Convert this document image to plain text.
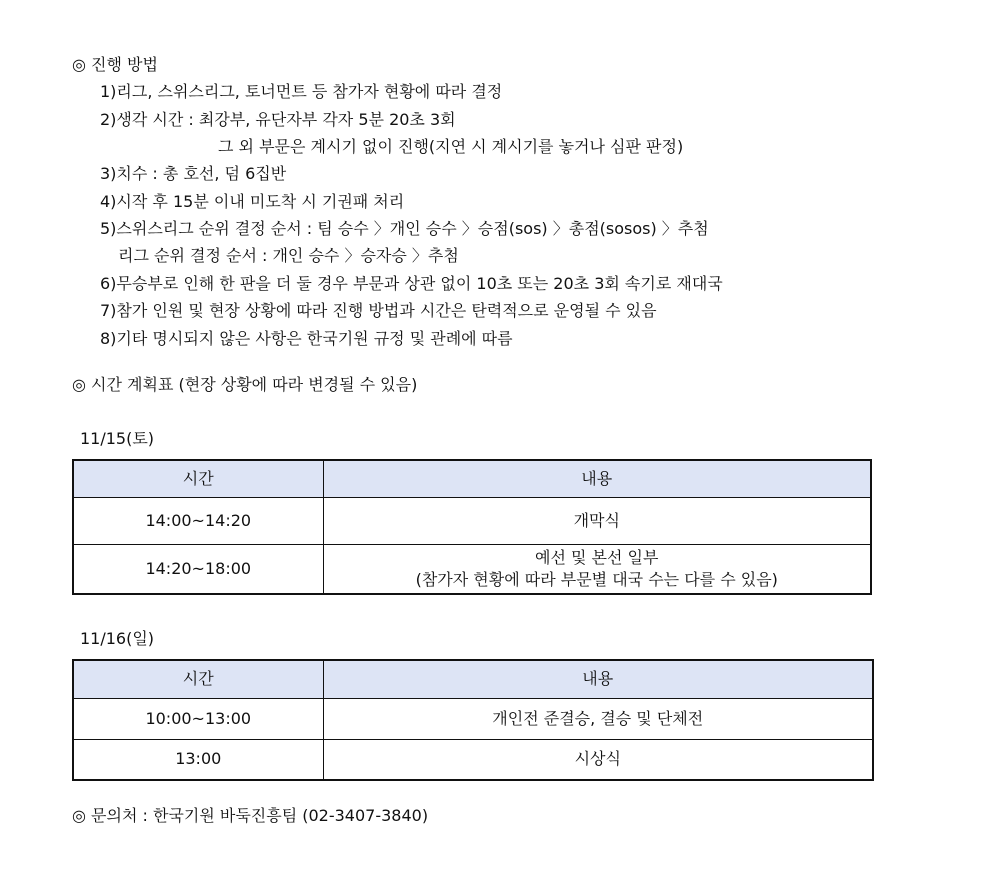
◎ 진행 방법
1)리그, 스위스리그, 토너먼트 등 참가자 현황에 따라 결정
2)생각 시간 : 최강부, 유단자부 각자 5분 20초 3회
그 외 부문은 계시기 없이 진행(지연 시 계시기를 놓거나 심판 판정)
3)치수 : 총 호선, 덤 6집반
4)시작 후 15분 이내 미도착 시 기권패 처리
5)스위스리그 순위 결정 순서 : 팀 승수 〉개인 승수 〉승점(sos) 〉총점(sosos) 〉추첨
리그 순위 결정 순서 : 개인 승수 〉승자승 〉추첨
6)무승부로 인해 한 판을 더 둘 경우 부문과 상관 없이 10초 또는 20초 3회 속기로 재대국
7)참가 인원 및 현장 상황에 따라 진행 방법과 시간은 탄력적으로 운영될 수 있음
8)기타 명시되지 않은 사항은 한국기원 규정 및 관례에 따름
◎ 시간 계획표 (현장 상황에 따라 변경될 수 있음)
11/15(토)
시간	내용
14:00~14:20	개막식
14:20~18:00	예선 및 본선 일부
(참가자 현황에 따라 부문별 대국 수는 다를 수 있음)
11/16(일)
시간	내용
10:00~13:00	개인전 준결승, 결승 및 단체전
13:00	시상식
◎ 문의처 : 한국기원 바둑진흥팀 (02-3407-3840)
